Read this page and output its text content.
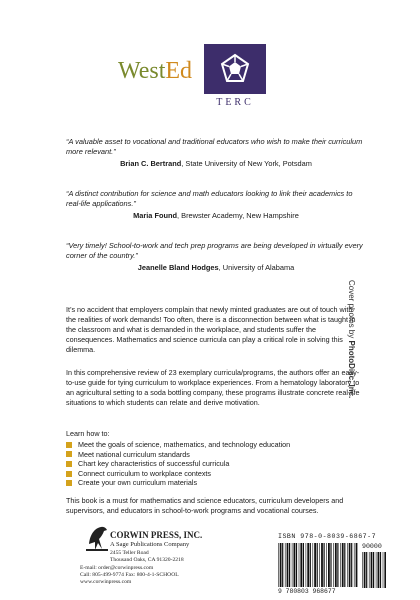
WestEd
TERC
“A valuable asset to vocational and traditional educators who wish to make their curriculum more relevant.”
Brian C. Bertrand, State University of New York, Potsdam
“A distinct contribution for science and math educators looking to link their academics to real-life applications.”
Maria Found, Brewster Academy, New Hampshire
“Very timely! School-to-work and tech prep programs are being developed in virtually every corner of the country.”
Jeanelle Bland Hodges, University of Alabama
It’s no accident that employers complain that newly minted graduates are out of touch with the realities of work demands! Too often, there is a disconnection between what is taught in the classroom and what is demanded in the workplace, and students suffer the consequences. Mathematics and science curricula can play a critical role in solving this dilemma.
In this comprehensive review of 23 exemplary curricula/programs, the authors offer an easy-to-use guide for tying curriculum to workplace experiences. From a hematology laboratory to an agricultural setting to a soda bottling company, these programs illustrate concrete real-life situations to which students can relate and derive motivation.
Learn how to:
Meet the goals of science, mathematics, and technology education
Meet national curriculum standards
Chart key characteristics of successful curricula
Connect curriculum to workplace contexts
Create your own curriculum materials
This book is a must for mathematics and science educators, curriculum developers and supervisors, and educators in school-to-work programs and vocational courses.
Cover photos by PhotoDisc, Inc.
CORWIN PRESS, INC.
A Sage Publications Company
2455 Teller Road
Thousand Oaks, CA 91320-2218
E-mail: order@corwinpress.com
Call: 805-499-9774 Fax: 800-4-1-SCHOOL
www.corwinpress.com
ISBN 978-0-8039-6867-7
9 780803 968677
90000
